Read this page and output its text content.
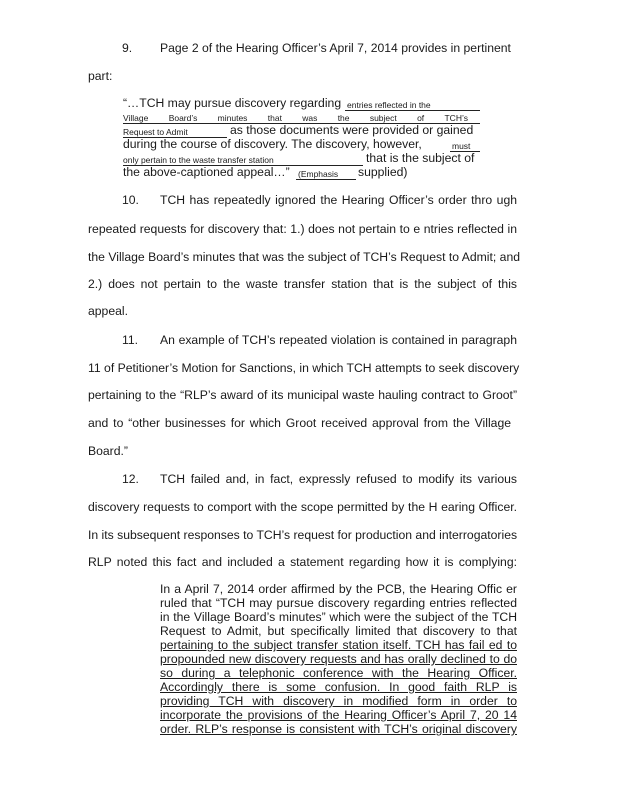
9. Page 2 of the Hearing Officer’s April 7, 2014 provides in pertinent
part:
“…TCH may pursue discovery regarding entries reflected in the
Village Board’s minutes that was the subject of TCH’s
Request to Admit	as those documents were provided or gained
during the course of discovery. The discovery, however,	must
only pertain to the waste transfer station	that is the subject of
the above-captioned appeal…” (Emphasis supplied)
10. TCH has repeatedly ignored the Hearing Officer’s order thro ugh
repeated requests for discovery that: 1.) does not pertain to e ntries reflected in
the Village Board’s minutes that was the subject of TCH’s Request to Admit; and
2.) does not pertain to the waste transfer station that is the subject of this
appeal.
11. An example of TCH’s repeated violation is contained in paragraph
11 of Petitioner’s Motion for Sanctions, in which TCH attempts to seek discovery
pertaining to the “RLP’s award of its municipal waste hauling contract to Groot”
and to “other businesses for which Groot received approval from the Village
Board.”
12. TCH failed and, in fact, expressly refused to modify its various
discovery requests to comport with the scope permitted by the H earing Officer.
In its subsequent responses to TCH’s request for production and interrogatories
RLP noted this fact and included a statement regarding how it is complying:
In a April 7, 2014 order affirmed by the PCB, the Hearing Offic er
ruled that “TCH may pursue discovery regarding entries reflected
in the Village Board’s minutes” which were the subject of the TCH
Request to Admit, but specifically limited that discovery to that
pertaining to the subject transfer station itself. TCH has fail ed to
propounded new discovery requests and has orally declined to do
so during a telephonic conference with the Hearing Officer.
Accordingly there is some confusion. In good faith RLP is
providing TCH with discovery in modified form in order to
incorporate the provisions of the Hearing Officer’s April 7, 20 14
order. RLP’s response is consistent with TCH’s original discovery
